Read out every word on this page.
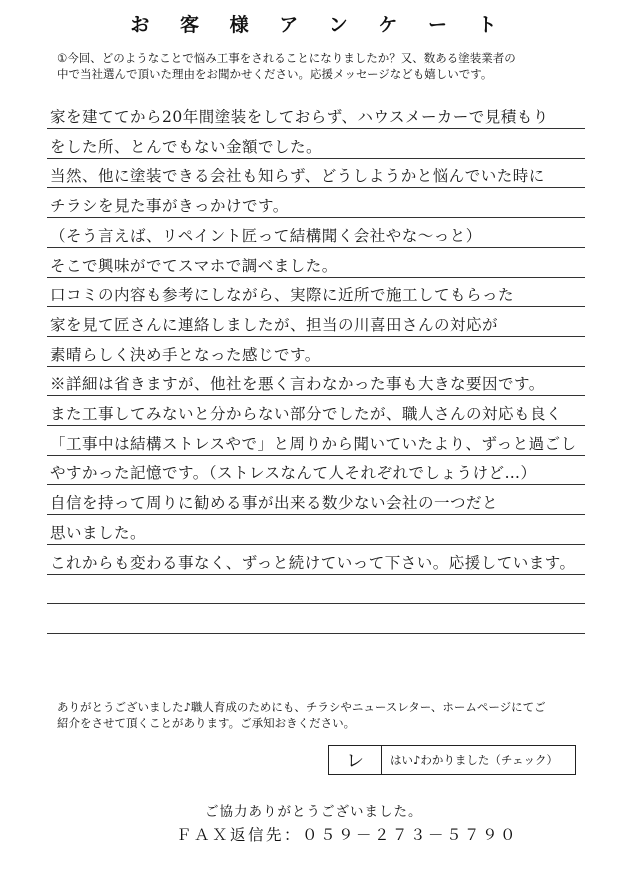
お 客 様 ア ン ケ ー ト
①今回、どのようなことで悩み工事をされることになりましたか？又、数ある塗装業者の
中で当社選んで頂いた理由をお聞かせください。応援メッセージなども嬉しいです。
家を建ててから20年間塗装をしておらず、ハウスメーカーで見積もり
をした所、とんでもない金額でした。
当然、他に塗装できる会社も知らず、どうしようかと悩んでいた時に
チラシを見た事がきっかけです。
（そう言えば、リペイント匠って結構聞く会社やな〜っと）
そこで興味がでてスマホで調べました。
口コミの内容も参考にしながら、実際に近所で施工してもらった
家を見て匠さんに連絡しましたが、担当の川喜田さんの対応が
素晴らしく決め手となった感じです。
※詳細は省きますが、他社を悪く言わなかった事も大きな要因です。
また工事してみないと分からない部分でしたが、職人さんの対応も良く
「工事中は結構ストレスやで」と周りから聞いていたより、ずっと過ごし
やすかった記憶です。（ストレスなんて人それぞれでしょうけど…）
自信を持って周りに勧める事が出来る数少ない会社の一つだと
思いました。
これからも変わる事なく、ずっと続けていって下さい。応援しています。
ありがとうございました♪職人育成のためにも、チラシやニュースレター、ホームページにてご
紹介をさせて頂くことがあります。ご承知おきください。
レ	はい♪わかりました（チェック）
ご協力ありがとうございました。
ＦＡＸ返信先：０５９－２７３－５７９０
